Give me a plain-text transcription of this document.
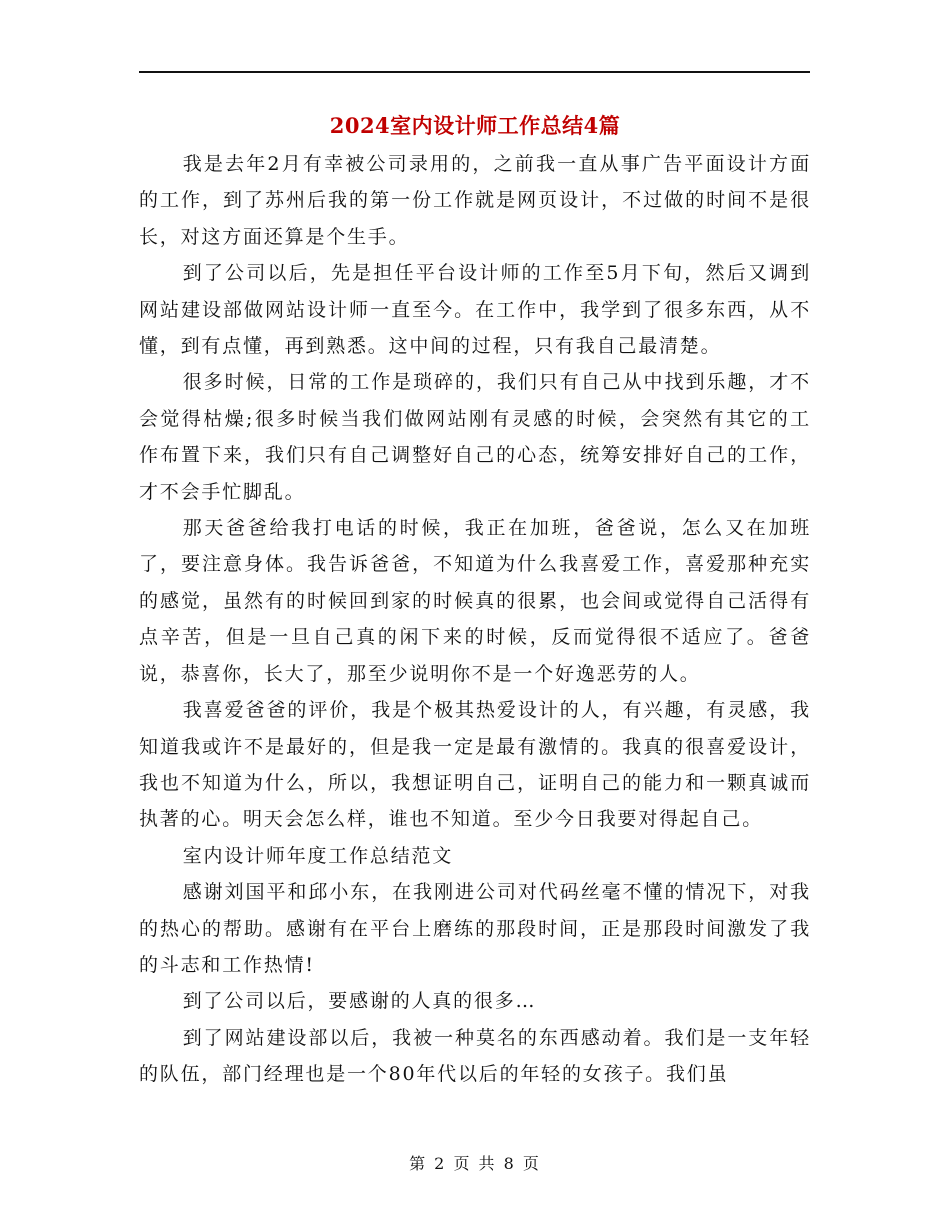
2024室内设计师工作总结4篇

我是去年2月有幸被公司录用的，之前我一直从事广告平面设计方面的工作，到了苏州后我的第一份工作就是网页设计，不过做的时间不是很长，对这方面还算是个生手。

到了公司以后，先是担任平台设计师的工作至5月下旬，然后又调到网站建设部做网站设计师一直至今。在工作中，我学到了很多东西，从不懂，到有点懂，再到熟悉。这中间的过程，只有我自己最清楚。

很多时候，日常的工作是琐碎的，我们只有自己从中找到乐趣，才不会觉得枯燥;很多时候当我们做网站刚有灵感的时候，会突然有其它的工作布置下来，我们只有自己调整好自己的心态，统筹安排好自己的工作，才不会手忙脚乱。

那天爸爸给我打电话的时候，我正在加班，爸爸说，怎么又在加班了，要注意身体。我告诉爸爸，不知道为什么我喜爱工作，喜爱那种充实的感觉，虽然有的时候回到家的时候真的很累，也会间或觉得自己活得有点辛苦，但是一旦自己真的闲下来的时候，反而觉得很不适应了。爸爸说，恭喜你，长大了，那至少说明你不是一个好逸恶劳的人。

我喜爱爸爸的评价，我是个极其热爱设计的人，有兴趣，有灵感，我知道我或许不是最好的，但是我一定是最有激情的。我真的很喜爱设计，我也不知道为什么，所以，我想证明自己，证明自己的能力和一颗真诚而执著的心。明天会怎么样，谁也不知道。至少今日我要对得起自己。

室内设计师年度工作总结范文

感谢刘国平和邱小东，在我刚进公司对代码丝毫不懂的情况下，对我的热心的帮助。感谢有在平台上磨练的那段时间，正是那段时间激发了我的斗志和工作热情!

到了公司以后，要感谢的人真的很多…

到了网站建设部以后，我被一种莫名的东西感动着。我们是一支年轻的队伍，部门经理也是一个80年代以后的年轻的女孩子。我们虽

第 2 页 共 8 页
